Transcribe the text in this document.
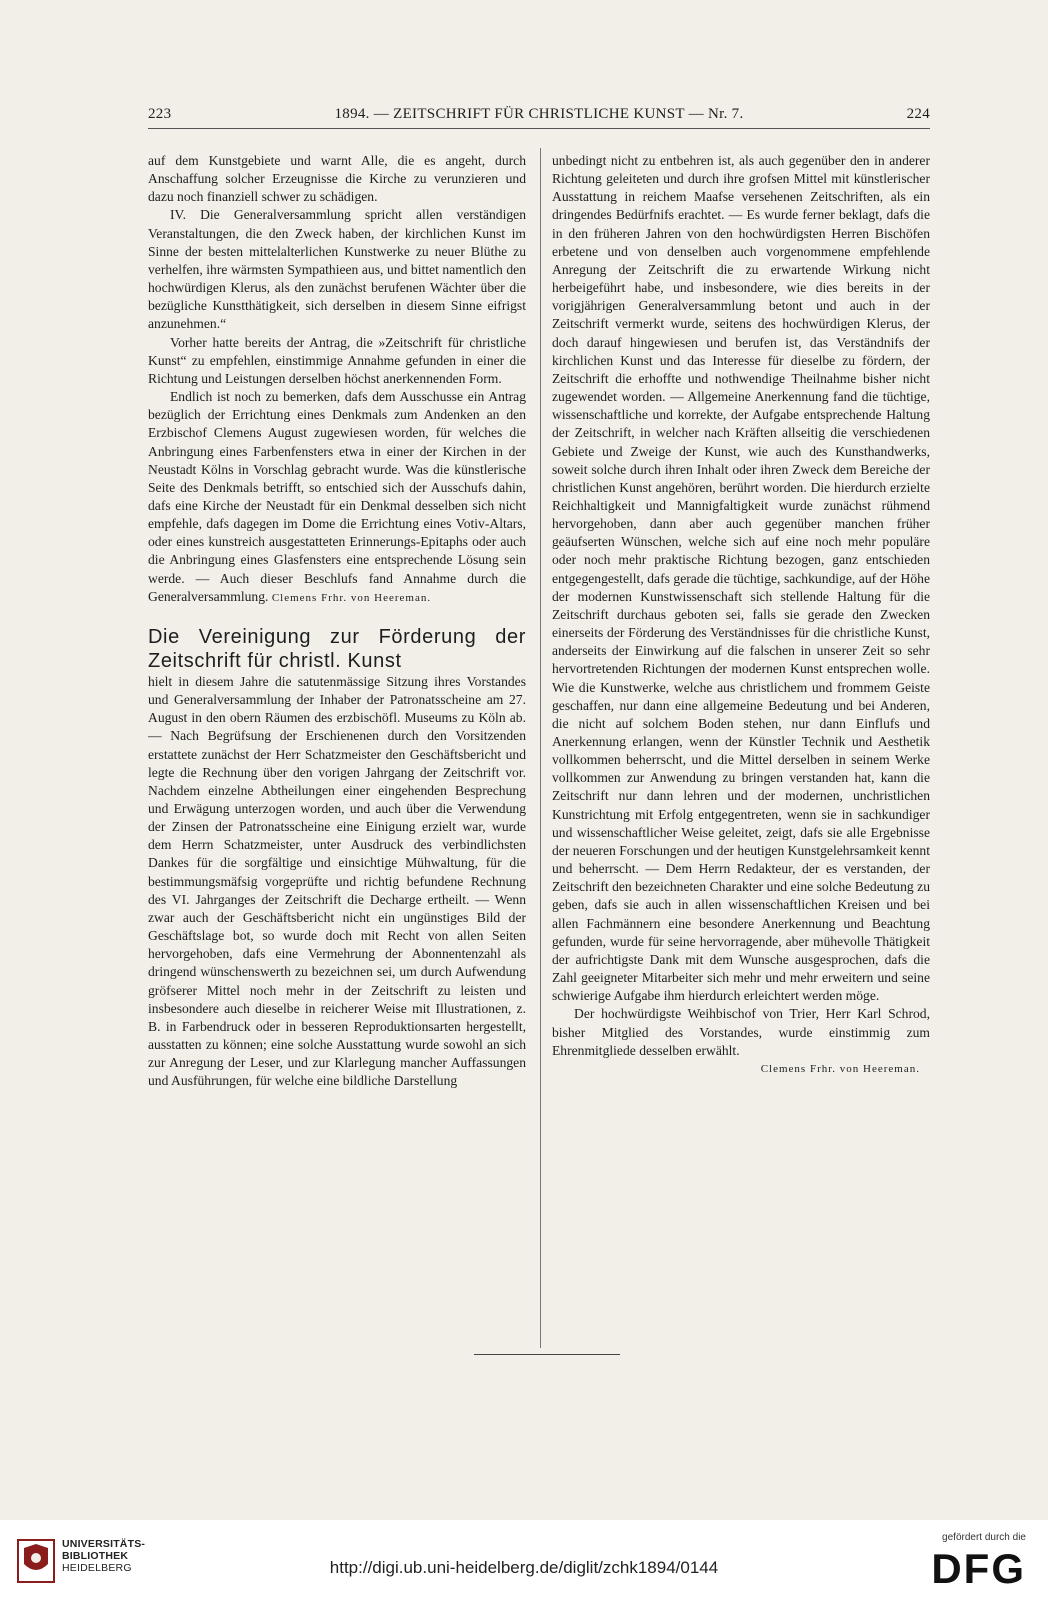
223	1894. — ZEITSCHRIFT FÜR CHRISTLICHE KUNST — Nr. 7.	224

auf dem Kunstgebiete und warnt Alle, die es angeht, durch Anschaffung solcher Erzeugnisse die Kirche zu verunzieren und dazu noch finanziell schwer zu schädigen.

IV. Die Generalversammlung spricht allen verständigen Veranstaltungen, die den Zweck haben, der kirchlichen Kunst im Sinne der besten mittelalterlichen Kunstwerke zu neuer Blüthe zu verhelfen, ihre wärmsten Sympathieen aus, und bittet namentlich den hochwürdigen Klerus, als den zunächst berufenen Wächter über die bezügliche Kunstthätigkeit, sich derselben in diesem Sinne eifrigst anzunehmen.“

Vorher hatte bereits der Antrag, die »Zeitschrift für christliche Kunst“ zu empfehlen, einstimmige Annahme gefunden in einer die Richtung und Leistungen derselben höchst anerkennenden Form.

Endlich ist noch zu bemerken, dafs dem Ausschusse ein Antrag bezüglich der Errichtung eines Denkmals zum Andenken an den Erzbischof Clemens August zugewiesen worden, für welches die Anbringung eines Farbenfensters etwa in einer der Kirchen in der Neustadt Kölns in Vorschlag gebracht wurde. Was die künstlerische Seite des Denkmals betrifft, so entschied sich der Ausschufs dahin, dafs eine Kirche der Neustadt für ein Denkmal desselben sich nicht empfehle, dafs dagegen im Dome die Errichtung eines Votiv-Altars, oder eines kunstreich ausgestatteten Erinnerungs-Epitaphs oder auch die Anbringung eines Glasfensters eine entsprechende Lösung sein werde. — Auch dieser Beschlufs fand Annahme durch die Generalversammlung. Clemens Frhr. von Heereman.

Die Vereinigung zur Förderung der Zeitschrift für christl. Kunst

hielt in diesem Jahre die satutenmässige Sitzung ihres Vorstandes und Generalversammlung der Inhaber der Patronatsscheine am 27. August in den obern Räumen des erzbischöfl. Museums zu Köln ab. — Nach Begrüfsung der Erschienenen durch den Vorsitzenden erstattete zunächst der Herr Schatzmeister den Geschäftsbericht und legte die Rechnung über den vorigen Jahrgang der Zeitschrift vor. Nachdem einzelne Abtheilungen einer eingehenden Besprechung und Erwägung unterzogen worden, und auch über die Verwendung der Zinsen der Patronatsscheine eine Einigung erzielt war, wurde dem Herrn Schatzmeister, unter Ausdruck des verbindlichsten Dankes für die sorgfältige und einsichtige Mühwaltung, für die bestimmungsmäfsig vorgeprüfte und richtig befundene Rechnung des VI. Jahrganges der Zeitschrift die Decharge ertheilt. — Wenn zwar auch der Geschäftsbericht nicht ein ungünstiges Bild der Geschäftslage bot, so wurde doch mit Recht von allen Seiten hervorgehoben, dafs eine Vermehrung der Abonnentenzahl als dringend wünschenswerth zu bezeichnen sei, um durch Aufwendung gröfserer Mittel noch mehr in der Zeitschrift zu leisten und insbesondere auch dieselbe in reicherer Weise mit Illustrationen, z. B. in Farbendruck oder in besseren Reproduktionsarten hergestellt, ausstatten zu können; eine solche Ausstattung wurde sowohl an sich zur Anregung der Leser, und zur Klarlegung mancher Auffassungen und Ausführungen, für welche eine bildliche Darstellung

unbedingt nicht zu entbehren ist, als auch gegenüber den in anderer Richtung geleiteten und durch ihre grofsen Mittel mit künstlerischer Ausstattung in reichem Maafse versehenen Zeitschriften, als ein dringendes Bedürfnifs erachtet. — Es wurde ferner beklagt, dafs die in den früheren Jahren von den hochwürdigsten Herren Bischöfen erbetene und von denselben auch vorgenommene empfehlende Anregung der Zeitschrift die zu erwartende Wirkung nicht herbeigeführt habe, und insbesondere, wie dies bereits in der vorigjährigen Generalversammlung betont und auch in der Zeitschrift vermerkt wurde, seitens des hochwürdigen Klerus, der doch darauf hingewiesen und berufen ist, das Verständnifs der kirchlichen Kunst und das Interesse für dieselbe zu fördern, der Zeitschrift die erhoffte und nothwendige Theilnahme bisher nicht zugewendet worden. — Allgemeine Anerkennung fand die tüchtige, wissenschaftliche und korrekte, der Aufgabe entsprechende Haltung der Zeitschrift, in welcher nach Kräften allseitig die verschiedenen Gebiete und Zweige der Kunst, wie auch des Kunsthandwerks, soweit solche durch ihren Inhalt oder ihren Zweck dem Bereiche der christlichen Kunst angehören, berührt worden. Die hierdurch erzielte Reichhaltigkeit und Mannigfaltigkeit wurde zunächst rühmend hervorgehoben, dann aber auch gegenüber manchen früher geäufserten Wünschen, welche sich auf eine noch mehr populäre oder noch mehr praktische Richtung bezogen, ganz entschieden entgegengestellt, dafs gerade die tüchtige, sachkundige, auf der Höhe der modernen Kunstwissenschaft sich stellende Haltung für die Zeitschrift durchaus geboten sei, falls sie gerade den Zwecken einerseits der Förderung des Verständnisses für die christliche Kunst, anderseits der Einwirkung auf die falschen in unserer Zeit so sehr hervortretenden Richtungen der modernen Kunst entsprechen wolle. Wie die Kunstwerke, welche aus christlichem und frommem Geiste geschaffen, nur dann eine allgemeine Bedeutung und bei Anderen, die nicht auf solchem Boden stehen, nur dann Einflufs und Anerkennung erlangen, wenn der Künstler Technik und Aesthetik vollkommen beherrscht, und die Mittel derselben in seinem Werke vollkommen zur Anwendung zu bringen verstanden hat, kann die Zeitschrift nur dann lehren und der modernen, unchristlichen Kunstrichtung mit Erfolg entgegentreten, wenn sie in sachkundiger und wissenschaftlicher Weise geleitet, zeigt, dafs sie alle Ergebnisse der neueren Forschungen und der heutigen Kunstgelehrsamkeit kennt und beherrscht. — Dem Herrn Redakteur, der es verstanden, der Zeitschrift den bezeichneten Charakter und eine solche Bedeutung zu geben, dafs sie auch in allen wissenschaftlichen Kreisen und bei allen Fachmännern eine besondere Anerkennung und Beachtung gefunden, wurde für seine hervorragende, aber mühevolle Thätigkeit der aufrichtigste Dank mit dem Wunsche ausgesprochen, dafs die Zahl geeigneter Mitarbeiter sich mehr und mehr erweitern und seine schwierige Aufgabe ihm hierdurch erleichtert werden möge.

Der hochwürdigste Weihbischof von Trier, Herr Karl Schrod, bisher Mitglied des Vorstandes, wurde einstimmig zum Ehrenmitgliede desselben erwählt.

Clemens Frhr. von Heereman.

UNIVERSITÄTS-
BIBLIOTHEK
HEIDELBERG	http://digi.ub.uni-heidelberg.de/diglit/zchk1894/0144
gefördert durch die
DFG
